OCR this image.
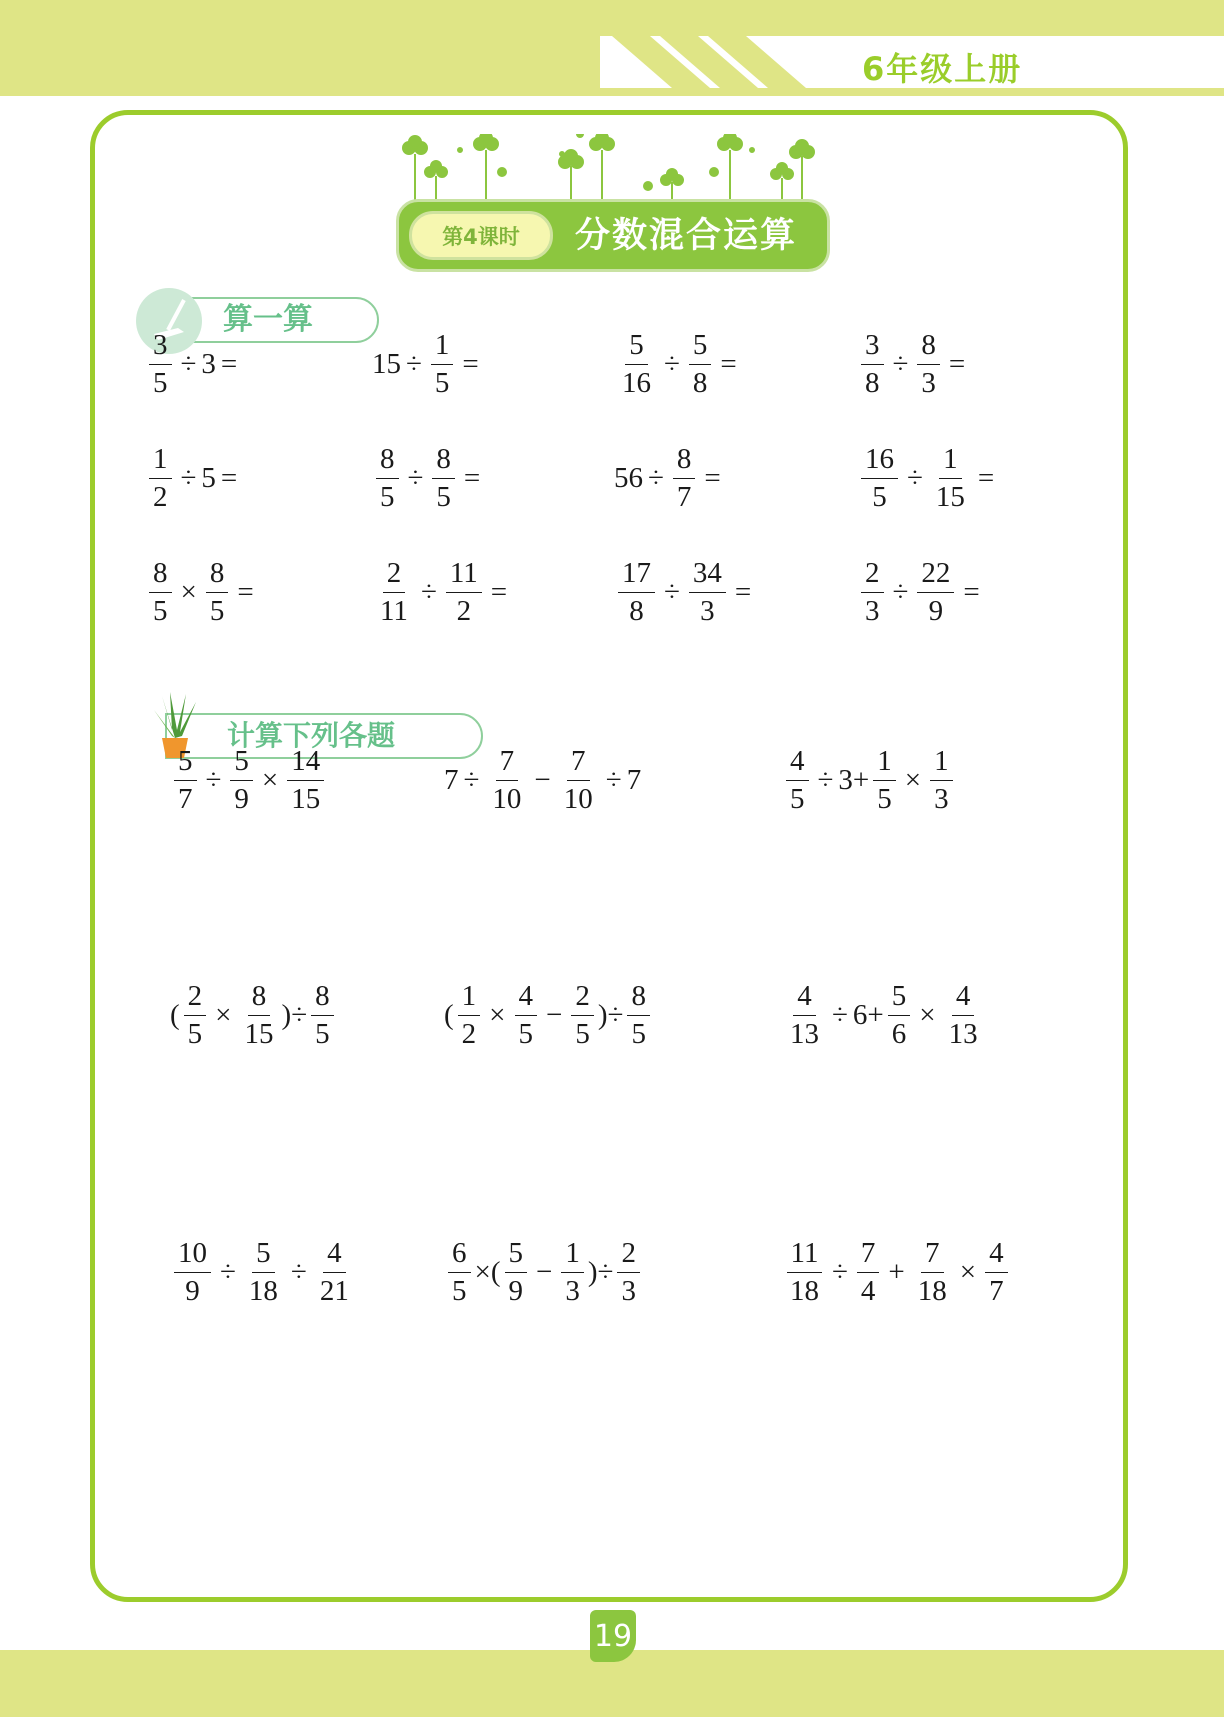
6年级上册
第4课时	分数混合运算
算一算
计算下列各题
$\frac{3}{5} \div 3$ =	$15 \div \frac{1}{5}$ =	$\frac{5}{16} \div \frac{5}{8}$ =	$\frac{3}{8} \div \frac{8}{3}$ =
$\frac{1}{2} \div 5$ =	$\frac{8}{5} \div \frac{8}{5}$ =	$56 \div \frac{8}{7}$ =	$\frac{16}{5} \div \frac{1}{15}$ =
$\frac{8}{5} \times \frac{8}{5}$ =	$\frac{2}{11} \div \frac{11}{2}$ =	$\frac{17}{8} \div \frac{34}{3}$ =	$\frac{2}{3} \div \frac{22}{9}$ =
$\frac{5}{7} \div \frac{5}{9} \times \frac{14}{15}$	$7 \div \frac{7}{10} - \frac{7}{10} \div 7$	$\frac{4}{5} \div 3+ \frac{1}{5} \times \frac{1}{3}$
( $\frac{2}{5} \times \frac{8}{15}$ )÷ $\frac{8}{5}$	( $\frac{1}{2} \times \frac{4}{5} - \frac{2}{5}$ )÷ $\frac{8}{5}$	$\frac{4}{13} \div 6+ \frac{5}{6} \times \frac{4}{13}$
$\frac{10}{9} \div \frac{5}{18} \div \frac{4}{21}$	$\frac{6}{5}$ ×( $\frac{5}{9} - \frac{1}{3}$ )÷ $\frac{2}{3}$	$\frac{11}{18} \div \frac{7}{4} + \frac{7}{18} \times \frac{4}{7}$
19
